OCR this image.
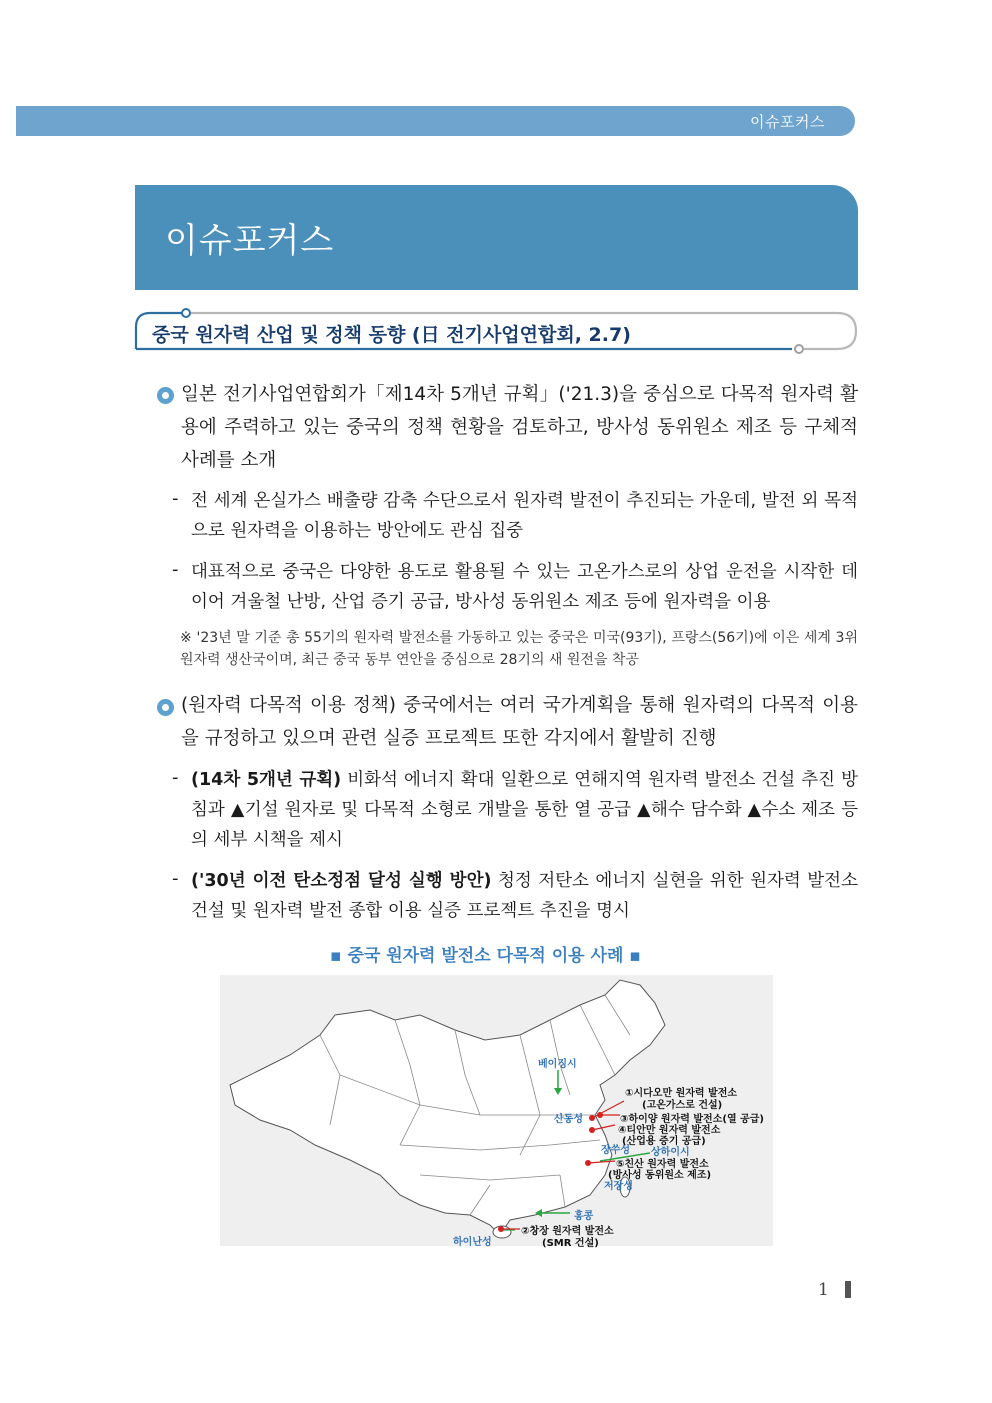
이슈포커스
이슈포커스
중국 원자력 산업 및 정책 동향 (日 전기사업연합회, 2.7)
일본 전기사업연합회가「제14차 5개년 규획」('21.3)을 중심으로 다목적 원자력 활용에 주력하고 있는 중국의 정책 현황을 검토하고, 방사성 동위원소 제조 등 구체적 사례를 소개
- 전 세계 온실가스 배출량 감축 수단으로서 원자력 발전이 추진되는 가운데, 발전 외 목적으로 원자력을 이용하는 방안에도 관심 집중
- 대표적으로 중국은 다양한 용도로 활용될 수 있는 고온가스로의 상업 운전을 시작한 데 이어 겨울철 난방, 산업 증기 공급, 방사성 동위원소 제조 등에 원자력을 이용
※ '23년 말 기준 총 55기의 원자력 발전소를 가동하고 있는 중국은 미국(93기), 프랑스(56기)에 이은 세계 3위 원자력 생산국이며, 최근 중국 동부 연안을 중심으로 28기의 새 원전을 착공
(원자력 다목적 이용 정책) 중국에서는 여러 국가계획을 통해 원자력의 다목적 이용을 규정하고 있으며 관련 실증 프로젝트 또한 각지에서 활발히 진행
- (14차 5개년 규획) 비화석 에너지 확대 일환으로 연해지역 원자력 발전소 건설 추진 방침과 ▲기설 원자로 및 다목적 소형로 개발을 통한 열 공급 ▲해수 담수화 ▲수소 제조 등의 세부 시책을 제시
- ('30년 이전 탄소정점 달성 실행 방안) 청정 저탄소 에너지 실현을 위한 원자력 발전소 건설 및 원자력 발전 종합 이용 실증 프로젝트 추진을 명시
▪ 중국 원자력 발전소 다목적 이용 사례 ▪
베이징시
산동성
장쑤성 상하이시
저장성
홍콩
하이난성
①시다오만 원자력 발전소
(고온가스로 건설)
③하이양 원자력 발전소(열 공급)
④티안만 원자력 발전소
(산업용 증기 공급)
⑤친산 원자력 발전소
(방사성 동위원소 제조)
②창장 원자력 발전소
(SMR 건설)
1
